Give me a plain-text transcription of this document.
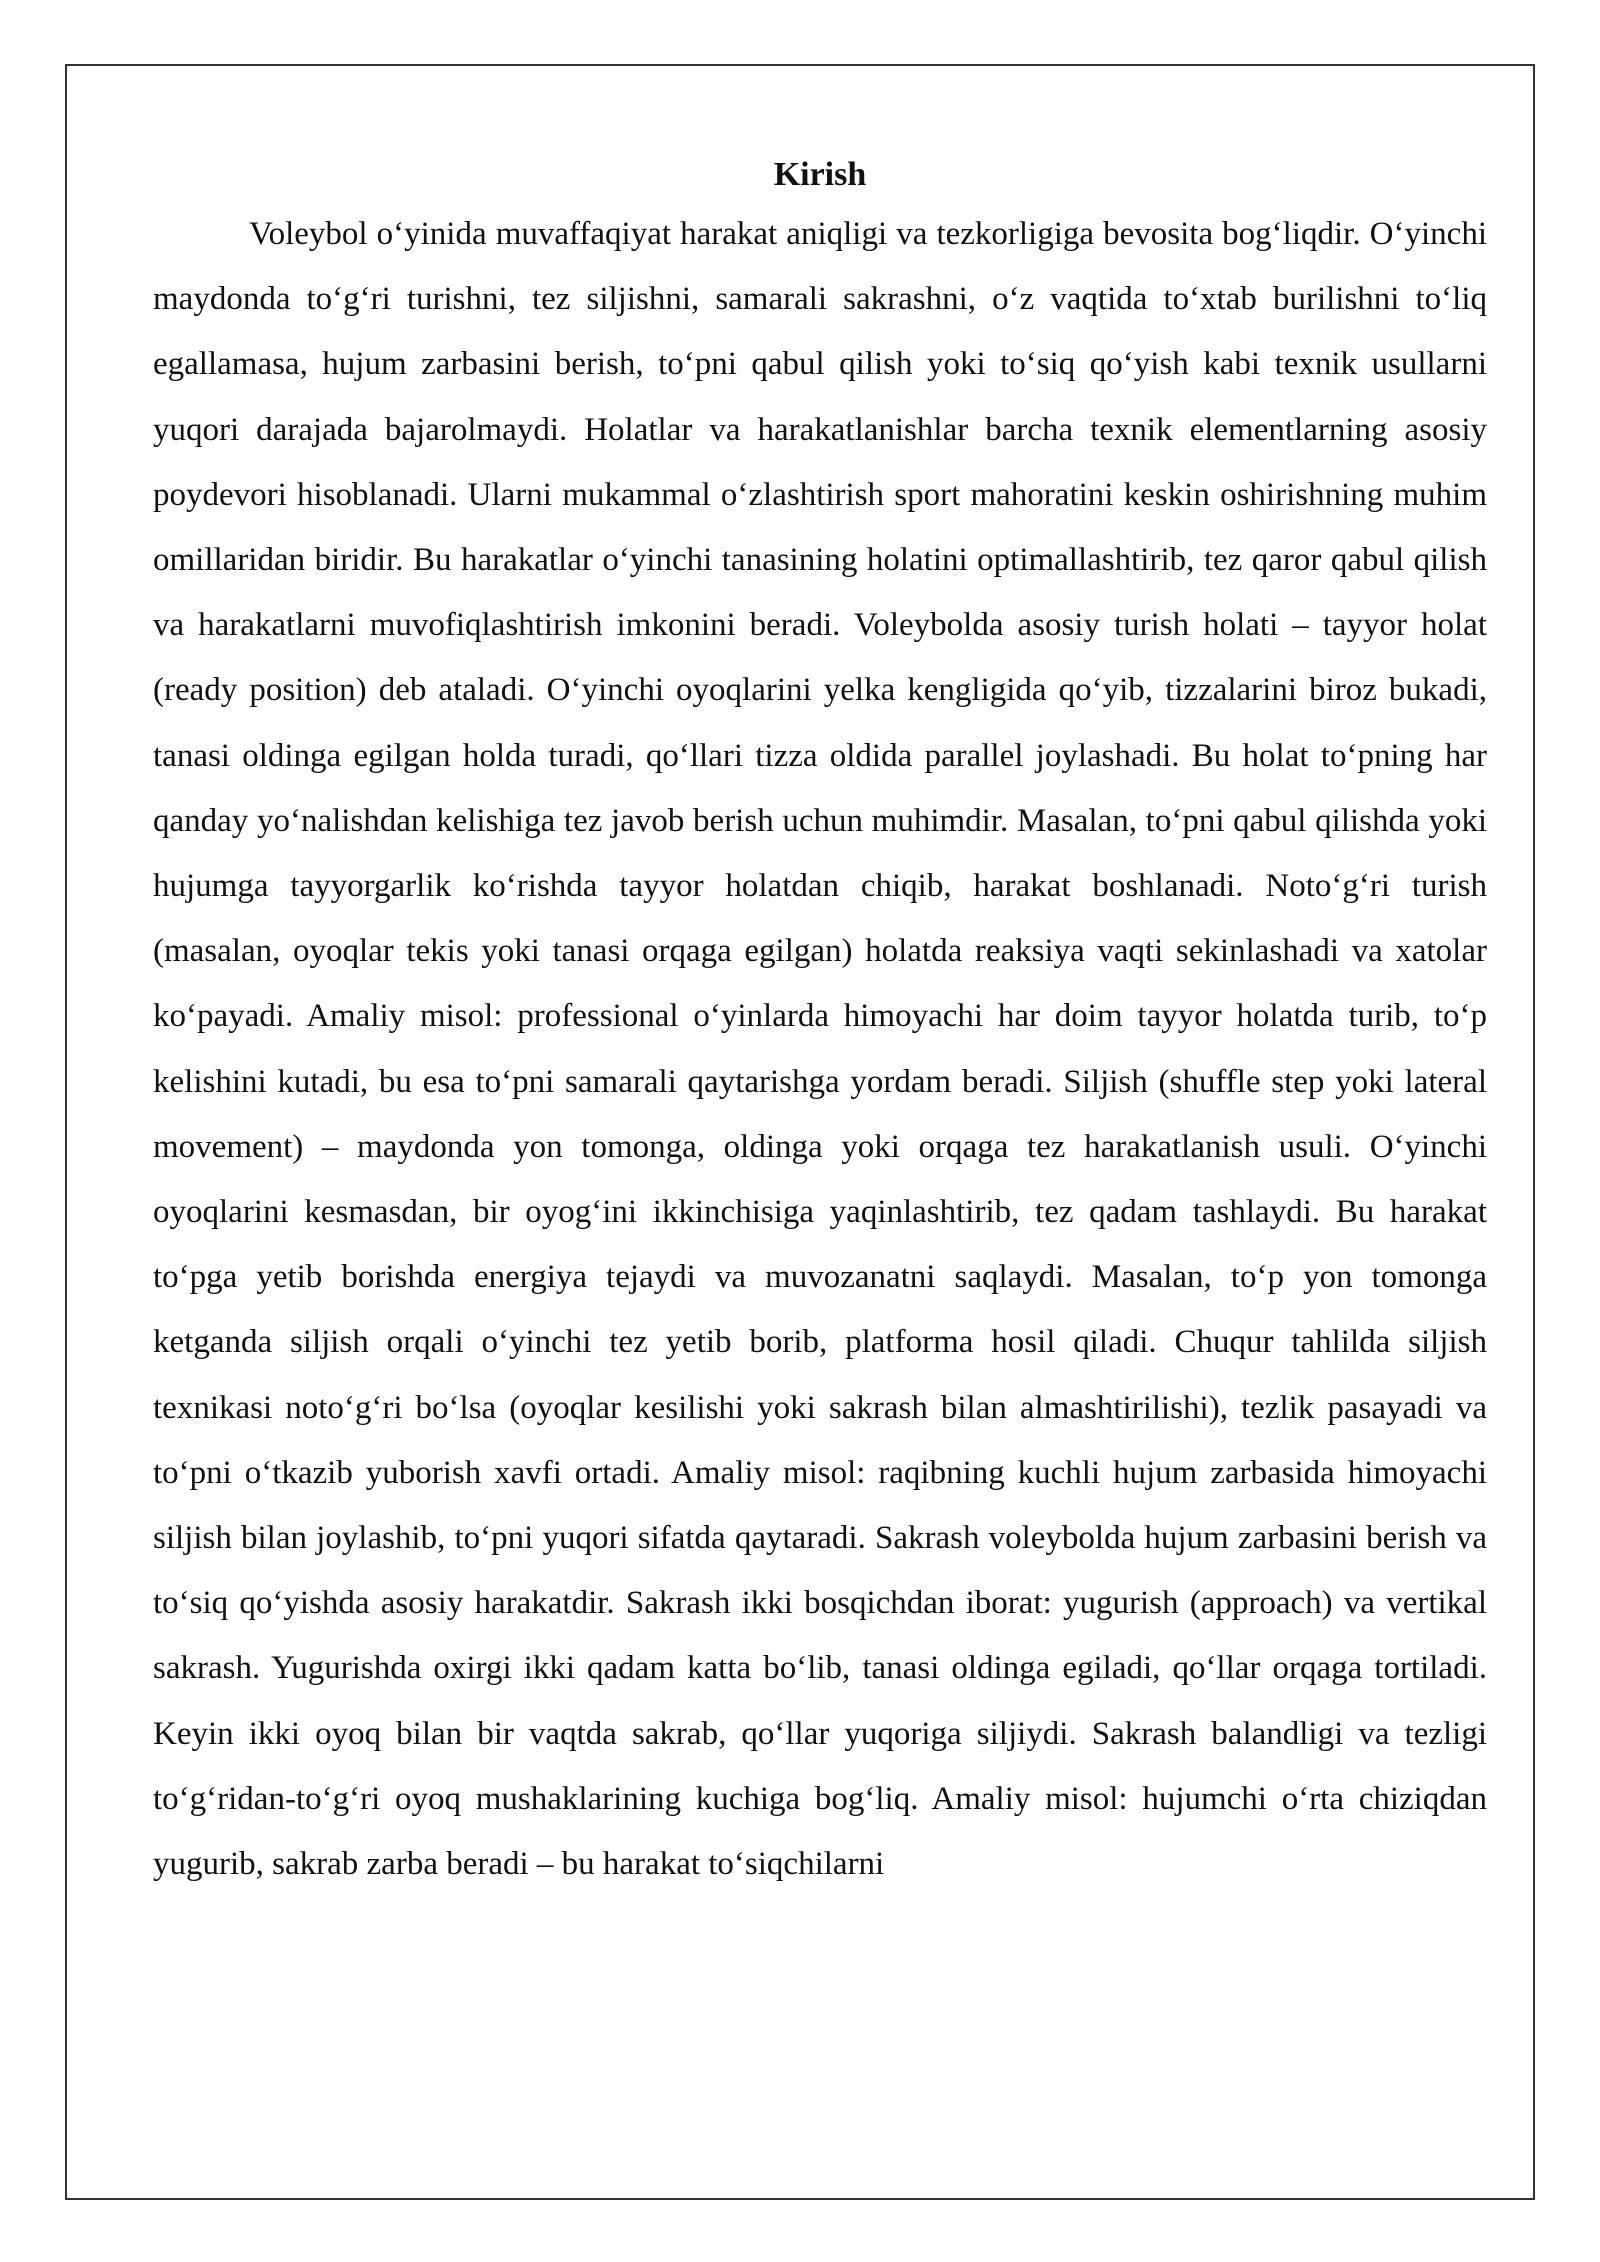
Kirish

Voleybol o‘yinida muvaffaqiyat harakat aniqligi va tezkorligiga bevosita bog‘liqdir. O‘yinchi maydonda to‘g‘ri turishni, tez siljishni, samarali sakrashni, o‘z vaqtida to‘xtab burilishni to‘liq egallamasa, hujum zarbasini berish, to‘pni qabul qilish yoki to‘siq qo‘yish kabi texnik usullarni yuqori darajada bajarolmaydi. Holatlar va harakatlanishlar barcha texnik elementlarning asosiy poydevori hisoblanadi. Ularni mukammal o‘zlashtirish sport mahoratini keskin oshirishning muhim omillaridan biridir. Bu harakatlar o‘yinchi tanasining holatini optimallashtirib, tez qaror qabul qilish va harakatlarni muvofiqlashtirish imkonini beradi. Voleybolda asosiy turish holati – tayyor holat (ready position) deb ataladi. O‘yinchi oyoqlarini yelka kengligida qo‘yib, tizzalarini biroz bukadi, tanasi oldinga egilgan holda turadi, qo‘llari tizza oldida parallel joylashadi. Bu holat to‘pning har qanday yo‘nalishdan kelishiga tez javob berish uchun muhimdir. Masalan, to‘pni qabul qilishda yoki hujumga tayyorgarlik ko‘rishda tayyor holatdan chiqib, harakat boshlanadi. Noto‘g‘ri turish (masalan, oyoqlar tekis yoki tanasi orqaga egilgan) holatda reaksiya vaqti sekinlashadi va xatolar ko‘payadi. Amaliy misol: professional o‘yinlarda himoyachi har doim tayyor holatda turib, to‘p kelishini kutadi, bu esa to‘pni samarali qaytarishga yordam beradi. Siljish (shuffle step yoki lateral movement) – maydonda yon tomonga, oldinga yoki orqaga tez harakatlanish usuli. O‘yinchi oyoqlarini kesmasdan, bir oyog‘ini ikkinchisiga yaqinlashtirib, tez qadam tashlaydi. Bu harakat to‘pga yetib borishda energiya tejaydi va muvozanatni saqlaydi. Masalan, to‘p yon tomonga ketganda siljish orqali o‘yinchi tez yetib borib, platforma hosil qiladi. Chuqur tahlilda siljish texnikasi noto‘g‘ri bo‘lsa (oyoqlar kesilishi yoki sakrash bilan almashtirilishi), tezlik pasayadi va to‘pni o‘tkazib yuborish xavfi ortadi. Amaliy misol: raqibning kuchli hujum zarbasida himoyachi siljish bilan joylashib, to‘pni yuqori sifatda qaytaradi. Sakrash voleybolda hujum zarbasini berish va to‘siq qo‘yishda asosiy harakatdir. Sakrash ikki bosqichdan iborat: yugurish (approach) va vertikal sakrash. Yugurishda oxirgi ikki qadam katta bo‘lib, tanasi oldinga egiladi, qo‘llar orqaga tortiladi. Keyin ikki oyoq bilan bir vaqtda sakrab, qo‘llar yuqoriga siljiydi. Sakrash balandligi va tezligi to‘g‘ridan-to‘g‘ri oyoq mushaklarining kuchiga bog‘liq. Amaliy misol: hujumchi o‘rta chiziqdan yugurib, sakrab zarba beradi – bu harakat to‘siqchilarni
